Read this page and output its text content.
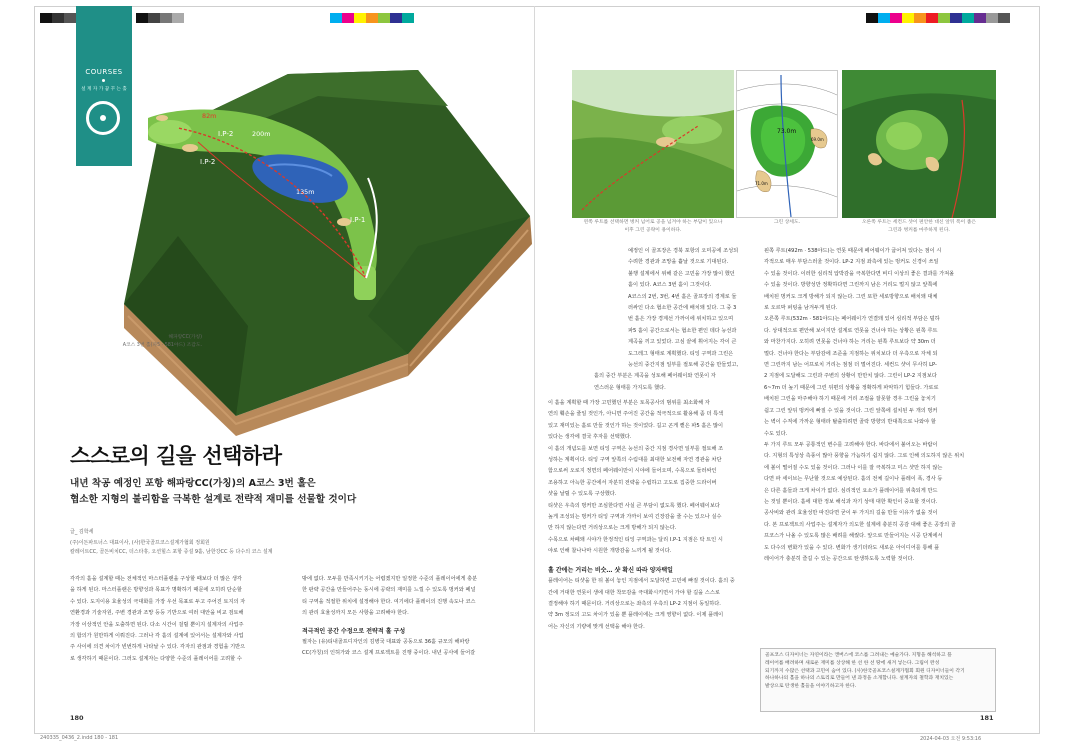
COURSES
설 계 자 가 꿈 꾸 는 홀
I.P-1
I.P-2
I.P-2
82m
200m
135m
해파랑CC(가칭)
A코스 3번 홀(파5 · 581야드) 조감도.
73.0m
69.0m
71.0m
왼쪽 루트를 선택하면 벙커 넘어로 공을 넘겨야 하는 부담이 있으나
이후 그린 공략이 용이하다.
그린 상세도.	오른쪽 루트는 세컨드 샷이 편안한 대신 앞뒤 폭이 좁은
그린과 벙커를 마주하게 된다.
스스로의 길을 선택하라
내년 착공 예정인 포항 해파랑CC(가칭)의 A코스 3번 홀은
협소한 지형의 불리함을 극복한 설계로 전략적 재미를 선물할 것이다
글_ 김학세
(주)이든파트너스 대표이사, (사)한국골프코스설계가협회 정회원
칼레이트CC, 골든비치CC, 더스타휴, 오션힐스 포항 증설 9홀, 남한강CC 등 다수의 코스 설계
각각의 홀을 설계할 때는 전체적인 마스터플랜을 구상할 때보다 더 많은 생각
을 하게 된다. 마스터플랜은 방향성과 목표가 명확하기 때문에 오히려 단순할
수 있다. 도지이용 효율성의 극대화를 가장 우선 목표로 두고 주어진 토지의 자
연환경과 기술자원, 주변 경관과 조망 등등 기반으로 여러 대안을 비교 검토해
가장 이상적인 안을 도출하면 된다. 다소 시간이 걸릴 뿐이지 설계자의 사업주
의 합의가 원만하게 이뤄진다. 그러나 각 홀의 설계에 있어서는 설계자와 사업
주 사이에 의견 차이가 빈번하게 나타날 수 있다. 각자의 관점과 경험을 기반으
로 생각하기 때문이다. 그러도 설계자는 다양한 수준의 플레이어를 고려할 수
밖에 없다. 모두를 만족시키기는 어렵겠지만 일정한 수준의 플레이어에게 충분
한 판략 공간을 만들어주는 동시에 공략의 재미를 느낄 수 있도록 벙커와 페널
티 구역을 적절한 위치에 설정해야 한다. 여기에다 플레이의 진행 속도나 코스
의 관리 효율성까지 모든 사항을 고려해야 한다.
적극적인 공간 수정으로 전략적 홀 구성
필자는 (유)티내골프디자인의 김병국 대표와 공동으로 36홀 규모의 해파랑
CC(가칭)의 인허가와 코스 설계 프로젝트를 진행 중이다. 내년 공사에 들어갈
예정인 이 골프장은 경북 포항의 오미공에 조성되
수려한 경관과 조망을 휼날 것으로 기대된다.
불행 설계에서 위해 같은 고민을 가장 많이 했던
홀이 있다. A코스 3번 홀이 그것이다.
A코스의 2번, 3번, 4번 홀은 골프장의 경계로 둘
러싸인 다소 협소한 공간에 배치돼 있다. 그 중 3
번 홀은 가장 경계선 가까이에 위치하고 있으며
파5 홀이 공간으로서는 협소한 편인 데다 능선과
계곡을 끼고 있었다. 고심 끝에 휘어지는 각이 큰
도그레그 형태로 계획했다. 티잉 구역과 그린은
능선의 중간지점 일부를 절토해 공간을 만들었고,
홀의 중간 부분은 계곡을 성토해 페어웨이와 연못이 자
연스러운 형태를 가지도록 했다.
이 홀을 계획할 때 가장 고민했던 부분은 토목공사의 범위를 최소화해 자
연의 훼손을 줄일 것인가, 아니면 주어진 공간을 적극적으로 활용해 좀 더 특색
있고 재미있는 홀로 만들 것인가 하는 것이었다. 길고 곤게 뻗은 파5 홀은 많이
있다는 생각에 결국 후자를 선택했다.
이 홀의 개념도를 보면 티잉 구역은 능선의 중간 지점 경사면 일부를 절토해 조
성하는 계획이다. 티잉 구역 앞쪽의 수림대를 최대한 보전해 자연 경관을 차단
함으로써 오로지 정면의 페어웨이만이 시야에 들어오며, 수목으로 둘러싸인
조용하고 아늑한 공간에서 자분히 전략을 수립하고 고도로 집중한 드라이버
샷을 날릴 수 있도록 구상했다.
티샷은 우측의 벙커만 조심한다면 사실 큰 부담이 없도록 했다. 페어웨이보다
높게 조성되는 벙커가 티잉 구역과 가까이 보여 긴장감을 줄 수는 있으나 실수
만 하지 않는다면 거리상으로는 크게 방해가 되지 않는다.
수목으로 차폐돼 시야가 한정적인 티잉 구역과는 달리 I.P-1 지점은 탁 트인 시
야로 인해 찰나나마 시원한 개방감을 느끼게 될 것이다.
홀 간에는 거리는 비슷… 샷 확신 따라 양자택일
플레이어는 티샷을 한 뒤 볼이 놓인 지점에서 도달하면 고민에 빠질 것이다. 홀의 중
간에 거대한 연못이 생에 대한 착모감을 극대화시키면서 가야 할 길을 스스로
결정해야 하기 때문이다. 거리상으로는 좌측의 우측의 LP-2 지점이 동일하다.
약 3m 정도의 고도 차이가 있을 뿐 플레이에는 크게 영향이 없다. 이제 플레이
어는 자신의 기량에 맞게 선택을 해야 한다.
왼쪽 루트(492m · 538야드)는 연못 때문에 페어웨이가 굽어져 있다는 점이 시
각적으로 매우 부담스러울 것이다. LP-2 지점 좌측에 있는 벙커도 신경이 쓰일
수 있을 것이다. 이러한 심리적 압박감을 극복한다면 비디 이상의 좋은 결과를 가져올
수 있을 것이다. 방향성만 정확하다면 그린까지 남은 거리도 멀지 않고 앞쪽에
배치된 벙커도 크게 방해가 되지 않는다. 그린 또한 세로방향으로 배치돼 대체
로 오르막 퍼팅을 남겨두게 된다.
오른쪽 루트(532m · 581야드)는 페어웨이가 연결돼 있어 심리적 부담은 덜하
다. 상대적으로 편안해 보이지만 설계로 연못을 건너야 하는 상황은 왼쪽 루트
와 마찬가지다. 오히려 연못을 건너야 하는 거리는 왼쪽 루트보다 약 30m 더
멀다. 건너야 한다는 부담감에 조준을 지점하는 위치보다 더 우측으로 자체 되
면 그린까지 남는 어프로치 거리는 점점 더 멀어진다. 세컨드 샷이 무사히 LP-
2 지점에 도달해도 그린과 주변의 상황이 만만치 않다. 그린이 LP-2 지점보다
6~7m 더 높기 때문에 그린 뒤편의 상황을 정확하게 파악하기 힘들다. 가로로
배치된 그린을 마주해야 하기 때문에 거리 조절을 잘못할 경우 그린을 놓치기
쉽고 그린 앞뒤 벙커에 빠질 수 있을 것이다. 그린 앞쪽에 설치된 두 개의 벙커
는 벽이 수직에 가까운 형태라 탈출하려면 골락 방향의 반대쪽으로 나와야 할
수도 있다.
두 가지 루트 모두 공통적인 변수를 고려해야 한다. 바다에서 불어오는 바람이
다. 지형의 특성상 측풍이 많아 풍향을 가늠하기 쉽지 않다. 그로 인해 의도하지 않은 위치
에 볼이 떨어질 수도 있을 것이다. 그러나 이를 잘 극복하고 미스 샷만 하지 않는
다면 파 세이브는 무난할 것으로 예상된다. 홀의 전체 길이나 플레이 폭, 경사 등
은 다른 홀들과 크게 차이가 없다. 심리적인 요소가 플레이어를 위축되게 만드
는 것일 뿐이다. 홀에 대한 정보 해석과 자기 상태 대한 확인이 중요할 것이다.
공사비와 관리 효율성만 따진다면 굳이 두 가지의 길을 만들 이유가 없을 것이
다. 본 프로젝트의 사업주는 설계자가 의도한 설계에 충분히 공감 대해 좋은 공장의 골
프코스가 나올 수 있도록 많은 배려를 해줬다. 앞으로 만들어지는 시공 단계에서
도 다수의 변화가 있을 수 있다. 변화가 생기더라도 새로운 아이디어를 통해 플
레이어가 충분히 즐길 수 있는 공간으로 탄생하도록 노력할 것이다.
골프코스 디자이너는 자연이라는 캔버스에 코스를 그려내는 예술가다. 지형을 해석하고 플
레이어를 배려하며 새로운 재미를 상상해 한 선 한 선 땅에 새겨 넣는다. 그림이 완성
되기까지 수많은 선택과 고민이 숨어 있다. (사)한국골프코스설계가협회 회원 디자이너들이 각기
하나하나의 홀을 하나의 스토리로 만들어 낸 과정을 소개합니다. 설계자의 철학과 재치있는
발상으로 탄생한 홀들을 이야기하고자 한다.
180	181
240335_0436_2.indd 180 - 181	2024-04-03 오전 9:53:16
